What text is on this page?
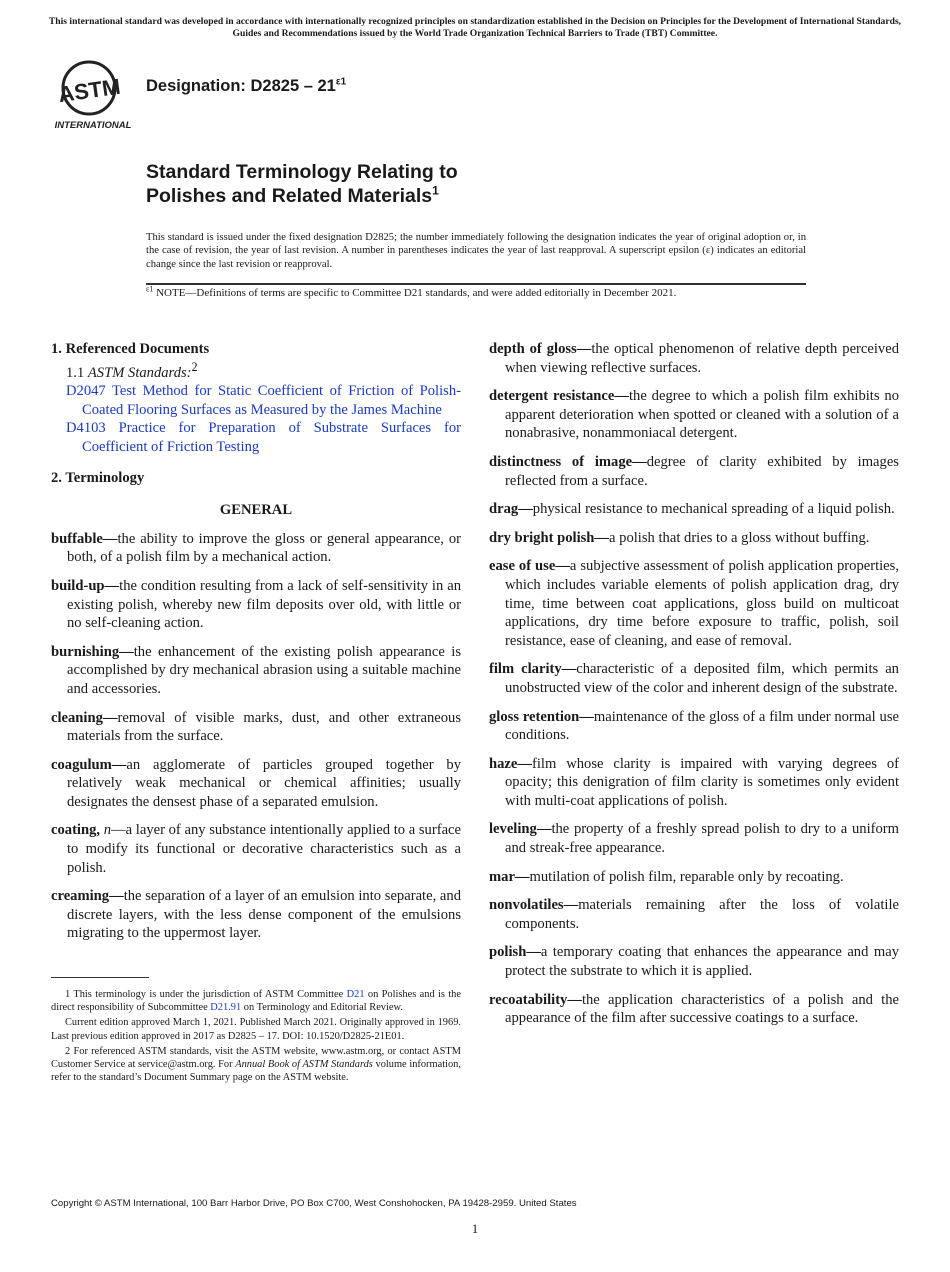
This international standard was developed in accordance with internationally recognized principles on standardization established in the Decision on Principles for the Development of International Standards, Guides and Recommendations issued by the World Trade Organization Technical Barriers to Trade (TBT) Committee.
ASTM
INTERNATIONAL
Designation: $D2825 - 21^{\varepsilon 1}$
Standard Terminology Relating to
Polishes and Related Materials$^1$
This standard is issued under the fixed designation D2825; the number immediately following the designation indicates the year of original adoption or, in the case of revision, the year of last revision. A number in parentheses indicates the year of last reapproval. A superscript epsilon (ε) indicates an editorial change since the last revision or reapproval.
$^{\varepsilon 1}$ NOTE—Definitions of terms are specific to Committee D21 standards, and were added editorially in December 2021.
1. Referenced Documents
1.1 ASTM Standards:$^2$
D2047 Test Method for Static Coefficient of Friction of Polish-Coated Flooring Surfaces as Measured by the James Machine
D4103 Practice for Preparation of Substrate Surfaces for Coefficient of Friction Testing
2. Terminology
GENERAL
buffable—the ability to improve the gloss or general appearance, or both, of a polish film by a mechanical action.
build-up—the condition resulting from a lack of self-sensitivity in an existing polish, whereby new film deposits over old, with little or no self-cleaning action.
burnishing—the enhancement of the existing polish appearance is accomplished by dry mechanical abrasion using a suitable machine and accessories.
cleaning—removal of visible marks, dust, and other extraneous materials from the surface.
coagulum—an agglomerate of particles grouped together by relatively weak mechanical or chemical affinities; usually designates the densest phase of a separated emulsion.
coating, n—a layer of any substance intentionally applied to a surface to modify its functional or decorative characteristics such as a polish.
creaming—the separation of a layer of an emulsion into separate, and discrete layers, with the less dense component of the emulsions migrating to the uppermost layer.
depth of gloss—the optical phenomenon of relative depth perceived when viewing reflective surfaces.
detergent resistance—the degree to which a polish film exhibits no apparent deterioration when spotted or cleaned with a solution of a nonabrasive, nonammoniacal detergent.
distinctness of image—degree of clarity exhibited by images reflected from a surface.
drag—physical resistance to mechanical spreading of a liquid polish.
dry bright polish—a polish that dries to a gloss without buffing.
ease of use—a subjective assessment of polish application properties, which includes variable elements of polish application drag, dry time, time between coat applications, gloss build on multicoat applications, dry time before exposure to traffic, polish, soil resistance, ease of cleaning, and ease of removal.
film clarity—characteristic of a deposited film, which permits an unobstructed view of the color and inherent design of the substrate.
gloss retention—maintenance of the gloss of a film under normal use conditions.
haze—film whose clarity is impaired with varying degrees of opacity; this denigration of film clarity is sometimes only evident with multi-coat applications of polish.
leveling—the property of a freshly spread polish to dry to a uniform and streak-free appearance.
mar—mutilation of polish film, reparable only by recoating.
nonvolatiles—materials remaining after the loss of volatile components.
polish—a temporary coating that enhances the appearance and may protect the substrate to which it is applied.
recoatability—the application characteristics of a polish and the appearance of the film after successive coatings to a surface.

1 This terminology is under the jurisdiction of ASTM Committee D21 on Polishes and is the direct responsibility of Subcommittee D21.91 on Terminology and Editorial Review.

Current edition approved March 1, 2021. Published March 2021. Originally approved in 1969. Last previous edition approved in 2017 as D2825 – 17. DOI: 10.1520/D2825-21E01.

2 For referenced ASTM standards, visit the ASTM website, www.astm.org, or contact ASTM Customer Service at service@astm.org. For Annual Book of ASTM Standards volume information, refer to the standard’s Document Summary page on the ASTM website.

Copyright © ASTM International, 100 Barr Harbor Drive, PO Box C700, West Conshohocken, PA 19428-2959. United States
1
